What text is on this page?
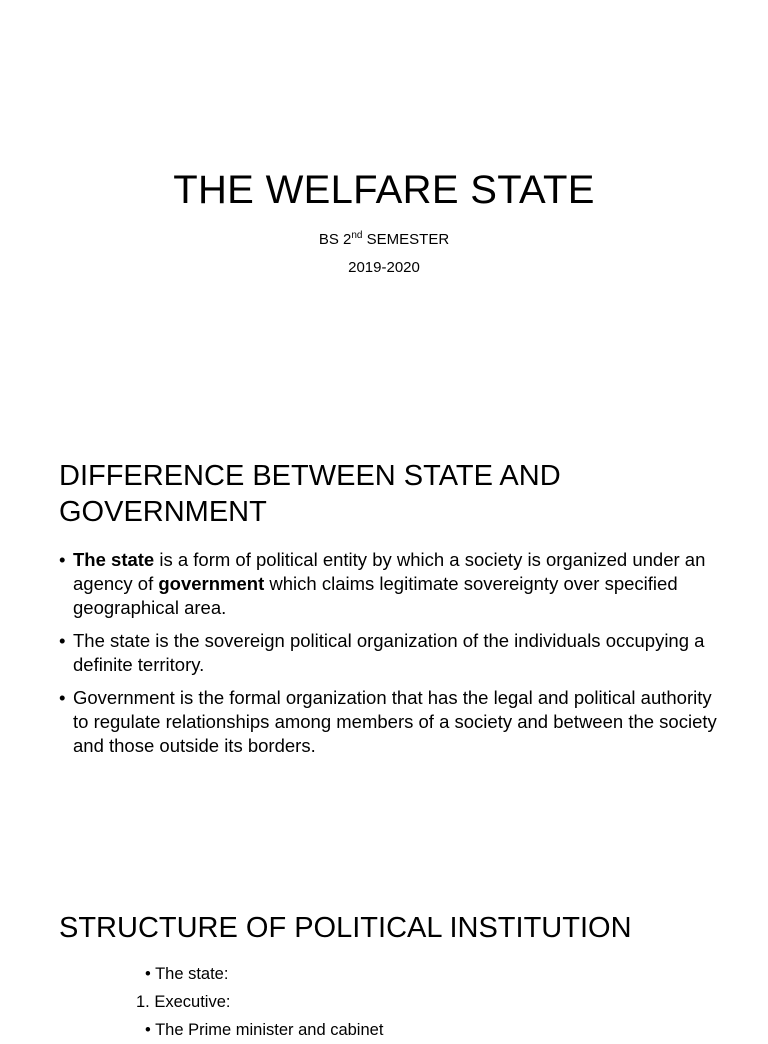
THE WELFARE STATE
BS 2nd SEMESTER
2019-2020
DIFFERENCE BETWEEN STATE AND GOVERNMENT
• The state is a form of political entity by which a society is organized under an agency of government which claims legitimate sovereignty over specified geographical area.
• The state is the sovereign political organization of the individuals occupying a definite territory.
• Government is the formal organization that has the legal and political authority to regulate relationships among members of a society and between the society and those outside its borders.
STRUCTURE OF POLITICAL INSTITUTION
• The state:
1. Executive:
• The Prime minister and cabinet
